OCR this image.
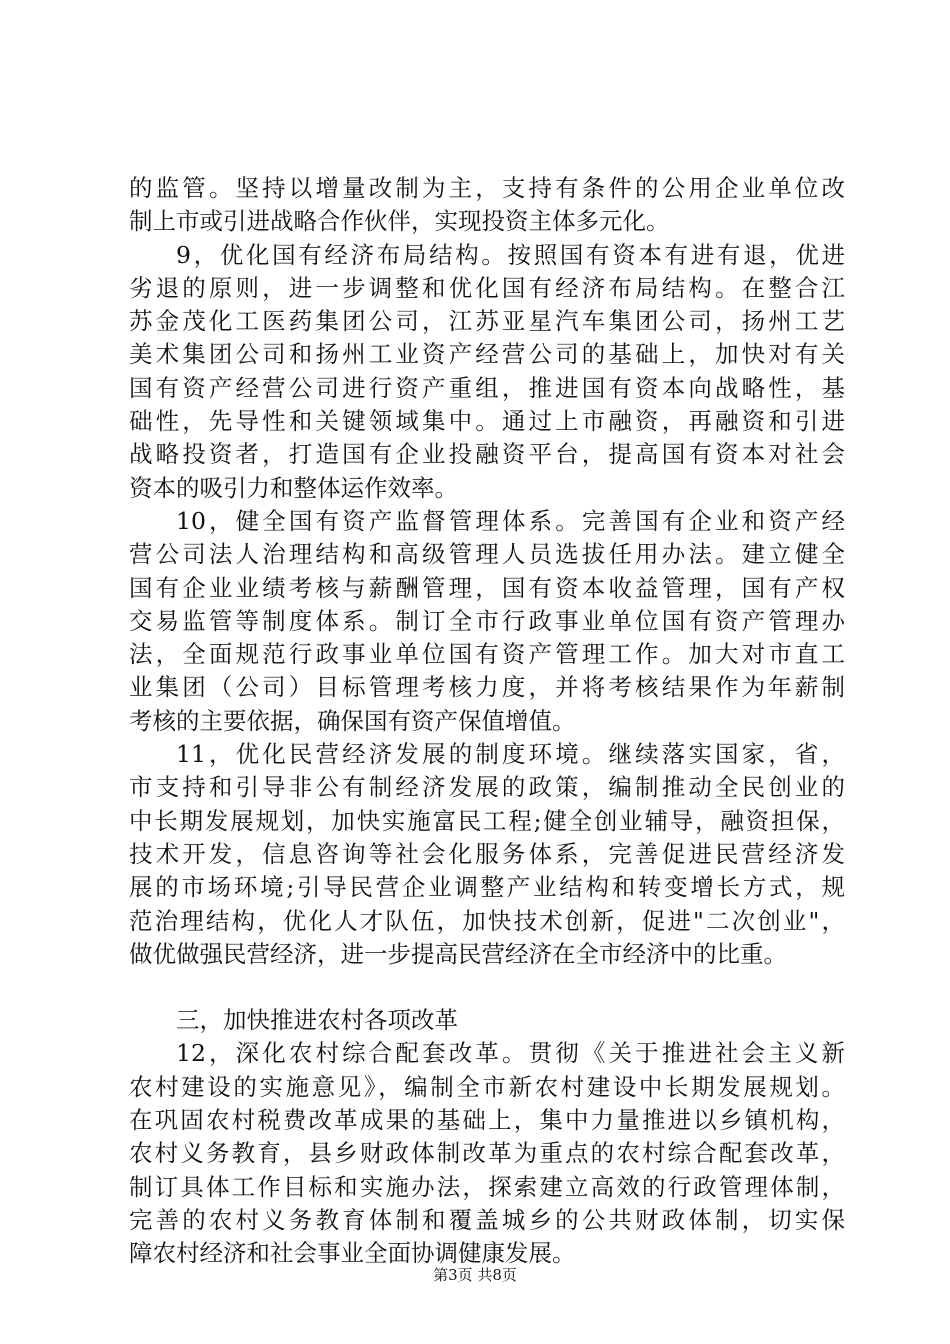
的监管。坚持以增量改制为主，支持有条件的公用企业单位改
制上市或引进战略合作伙伴，实现投资主体多元化。
9，优化国有经济布局结构。按照国有资本有进有退，优进
劣退的原则，进一步调整和优化国有经济布局结构。在整合江
苏金茂化工医药集团公司，江苏亚星汽车集团公司，扬州工艺
美术集团公司和扬州工业资产经营公司的基础上，加快对有关
国有资产经营公司进行资产重组，推进国有资本向战略性，基
础性，先导性和关键领域集中。通过上市融资，再融资和引进
战略投资者，打造国有企业投融资平台，提高国有资本对社会
资本的吸引力和整体运作效率。
10，健全国有资产监督管理体系。完善国有企业和资产经
营公司法人治理结构和高级管理人员选拔任用办法。建立健全
国有企业业绩考核与薪酬管理，国有资本收益管理，国有产权
交易监管等制度体系。制订全市行政事业单位国有资产管理办
法，全面规范行政事业单位国有资产管理工作。加大对市直工
业集团（公司）目标管理考核力度，并将考核结果作为年薪制
考核的主要依据，确保国有资产保值增值。
11，优化民营经济发展的制度环境。继续落实国家，省，
市支持和引导非公有制经济发展的政策，编制推动全民创业的
中长期发展规划，加快实施富民工程;健全创业辅导，融资担保，
技术开发，信息咨询等社会化服务体系，完善促进民营经济发
展的市场环境;引导民营企业调整产业结构和转变增长方式，规
范治理结构，优化人才队伍，加快技术创新，促进"二次创业"，
做优做强民营经济，进一步提高民营经济在全市经济中的比重。
三，加快推进农村各项改革
12，深化农村综合配套改革。贯彻《关于推进社会主义新
农村建设的实施意见》，编制全市新农村建设中长期发展规划。
在巩固农村税费改革成果的基础上，集中力量推进以乡镇机构，
农村义务教育，县乡财政体制改革为重点的农村综合配套改革，
制订具体工作目标和实施办法，探索建立高效的行政管理体制，
完善的农村义务教育体制和覆盖城乡的公共财政体制，切实保
障农村经济和社会事业全面协调健康发展。
第3页 共8页
